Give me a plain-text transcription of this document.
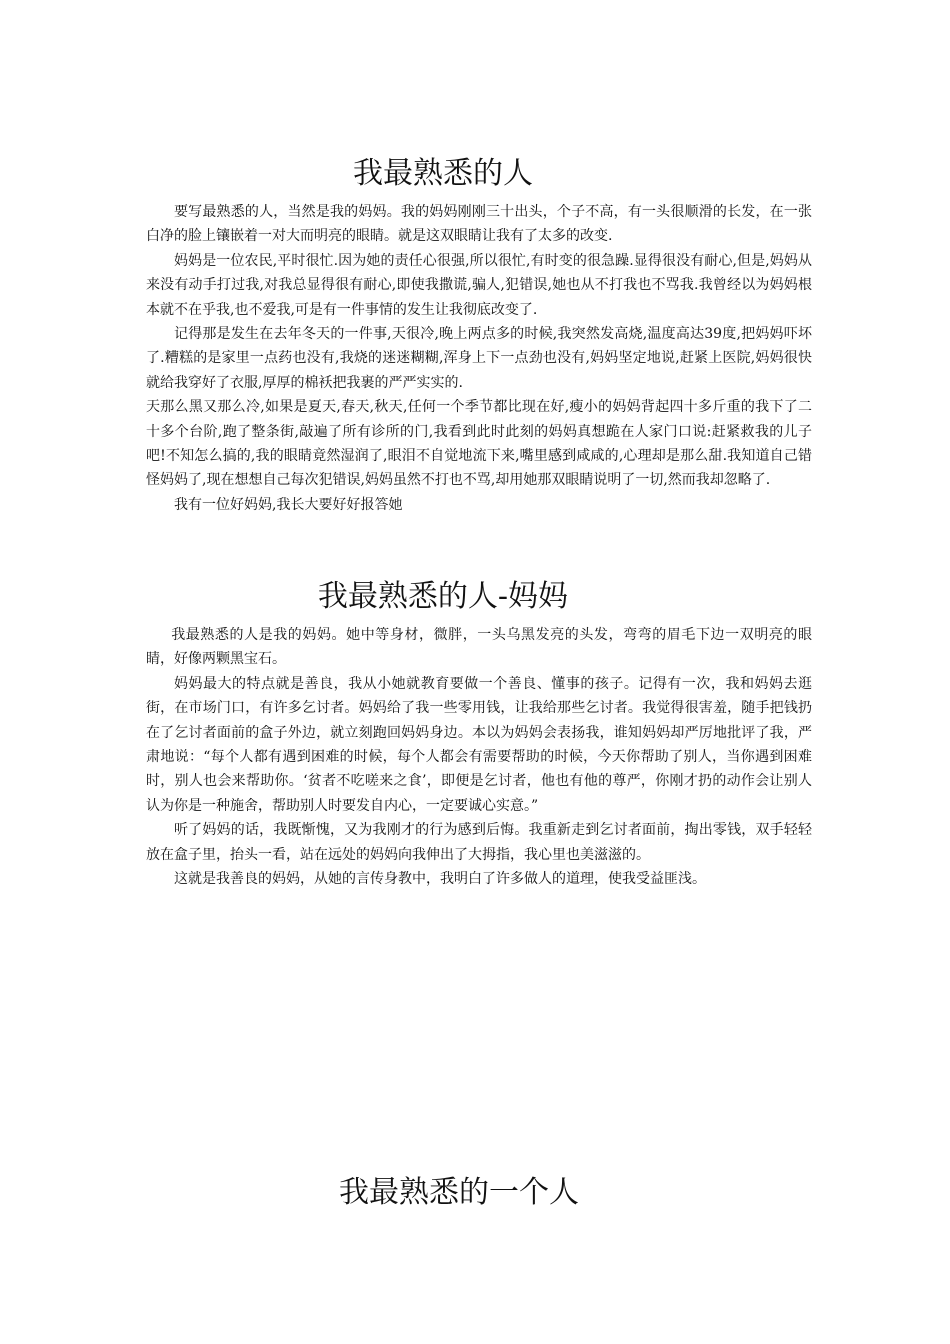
我最熟悉的人

要写最熟悉的人，当然是我的妈妈。我的妈妈刚刚三十出头，个子不高，有一头很顺滑的长发，在一张白净的脸上镶嵌着一对大而明亮的眼睛。就是这双眼睛让我有了太多的改变.

妈妈是一位农民,平时很忙.因为她的责任心很强,所以很忙,有时变的很急躁.显得很没有耐心,但是,妈妈从来没有动手打过我,对我总显得很有耐心,即使我撒谎,骗人,犯错误,她也从不打我也不骂我.我曾经以为妈妈根本就不在乎我,也不爱我,可是有一件事情的发生让我彻底改变了.

记得那是发生在去年冬天的一件事,天很冷,晚上两点多的时候,我突然发高烧,温度高达39度,把妈妈吓坏了.糟糕的是家里一点药也没有,我烧的迷迷糊糊,浑身上下一点劲也没有,妈妈坚定地说,赶紧上医院,妈妈很快就给我穿好了衣服,厚厚的棉袄把我裹的严严实实的.

天那么黑又那么冷,如果是夏天,春天,秋天,任何一个季节都比现在好,瘦小的妈妈背起四十多斤重的我下了二十多个台阶,跑了整条街,敲遍了所有诊所的门,我看到此时此刻的妈妈真想跪在人家门口说:赶紧救我的儿子吧!不知怎么搞的,我的眼睛竟然湿润了,眼泪不自觉地流下来,嘴里感到咸咸的,心理却是那么甜.我知道自己错怪妈妈了,现在想想自己每次犯错误,妈妈虽然不打也不骂,却用她那双眼睛说明了一切,然而我却忽略了.

我有一位好妈妈,我长大要好好报答她

我最熟悉的人-妈妈

我最熟悉的人是我的妈妈。她中等身材，微胖，一头乌黑发亮的头发，弯弯的眉毛下边一双明亮的眼睛，好像两颗黑宝石。

妈妈最大的特点就是善良，我从小她就教育要做一个善良、懂事的孩子。记得有一次，我和妈妈去逛街，在市场门口，有许多乞讨者。妈妈给了我一些零用钱，让我给那些乞讨者。我觉得很害羞，随手把钱扔在了乞讨者面前的盒子外边，就立刻跑回妈妈身边。本以为妈妈会表扬我，谁知妈妈却严厉地批评了我，严肃地说：“每个人都有遇到困难的时候，每个人都会有需要帮助的时候，今天你帮助了别人，当你遇到困难时，别人也会来帮助你。‘贫者不吃嗟来之食’，即便是乞讨者，他也有他的尊严，你刚才扔的动作会让别人认为你是一种施舍，帮助别人时要发自内心，一定要诚心实意。”

听了妈妈的话，我既惭愧，又为我刚才的行为感到后悔。我重新走到乞讨者面前，掏出零钱，双手轻轻放在盒子里，抬头一看，站在远处的妈妈向我伸出了大拇指，我心里也美滋滋的。

这就是我善良的妈妈，从她的言传身教中，我明白了许多做人的道理，使我受益匪浅。

我最熟悉的一个人
